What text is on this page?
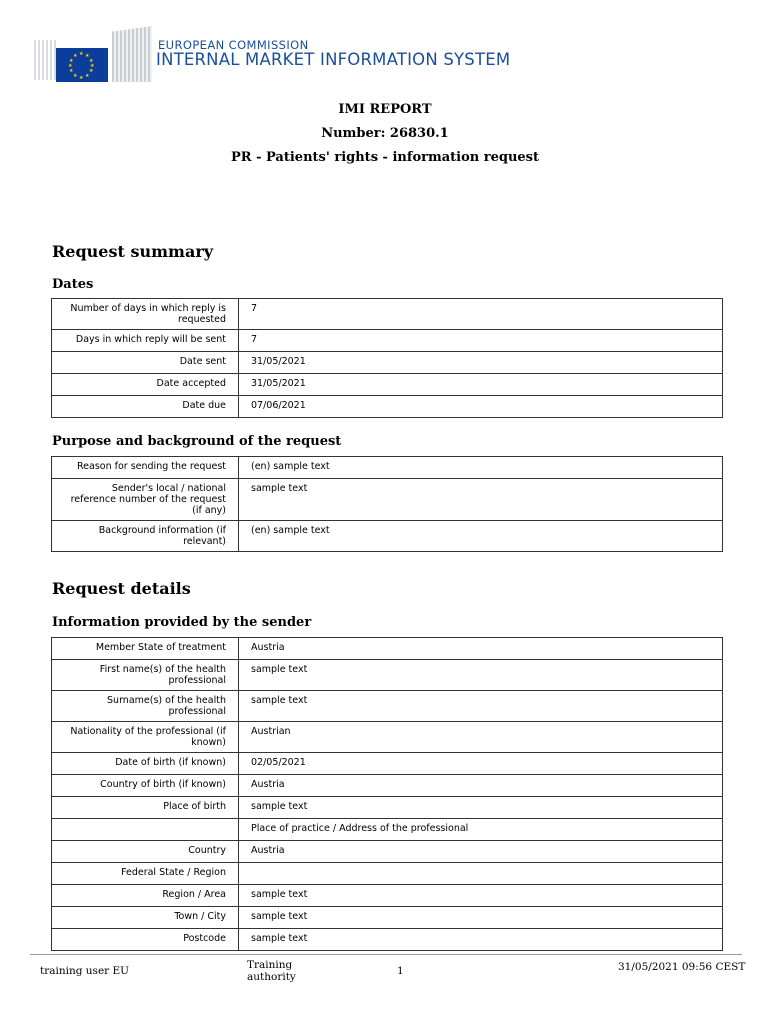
★ ★
★
★
★
★
★
★
★
★
★
★
EUROPEAN COMMISSION
INTERNAL MARKET INFORMATION SYSTEM
IMI REPORT
Number: 26830.1
PR - Patients' rights - information request
Request summary
Dates
Number of days in which reply is requested	7
Days in which reply will be sent	7
Date sent	31/05/2021
Date accepted	31/05/2021
Date due	07/06/2021
Purpose and background of the request
Reason for sending the request	(en) sample text
Sender's local / national reference number of the request (if any)	sample text
Background information (if relevant)	(en) sample text
Request details
Information provided by the sender
Member State of treatment	Austria
First name(s) of the health professional	sample text
Surname(s) of the health professional	sample text
Nationality of the professional (if known)	Austrian
Date of birth (if known)	02/05/2021
Country of birth (if known)	Austria
Place of birth	sample text
	Place of practice / Address of the professional
Country	Austria
Federal State / Region	
Region / Area	sample text
Town / City	sample text
Postcode	sample text
training user EU	Training authority	1	31/05/2021 09:56 CEST
